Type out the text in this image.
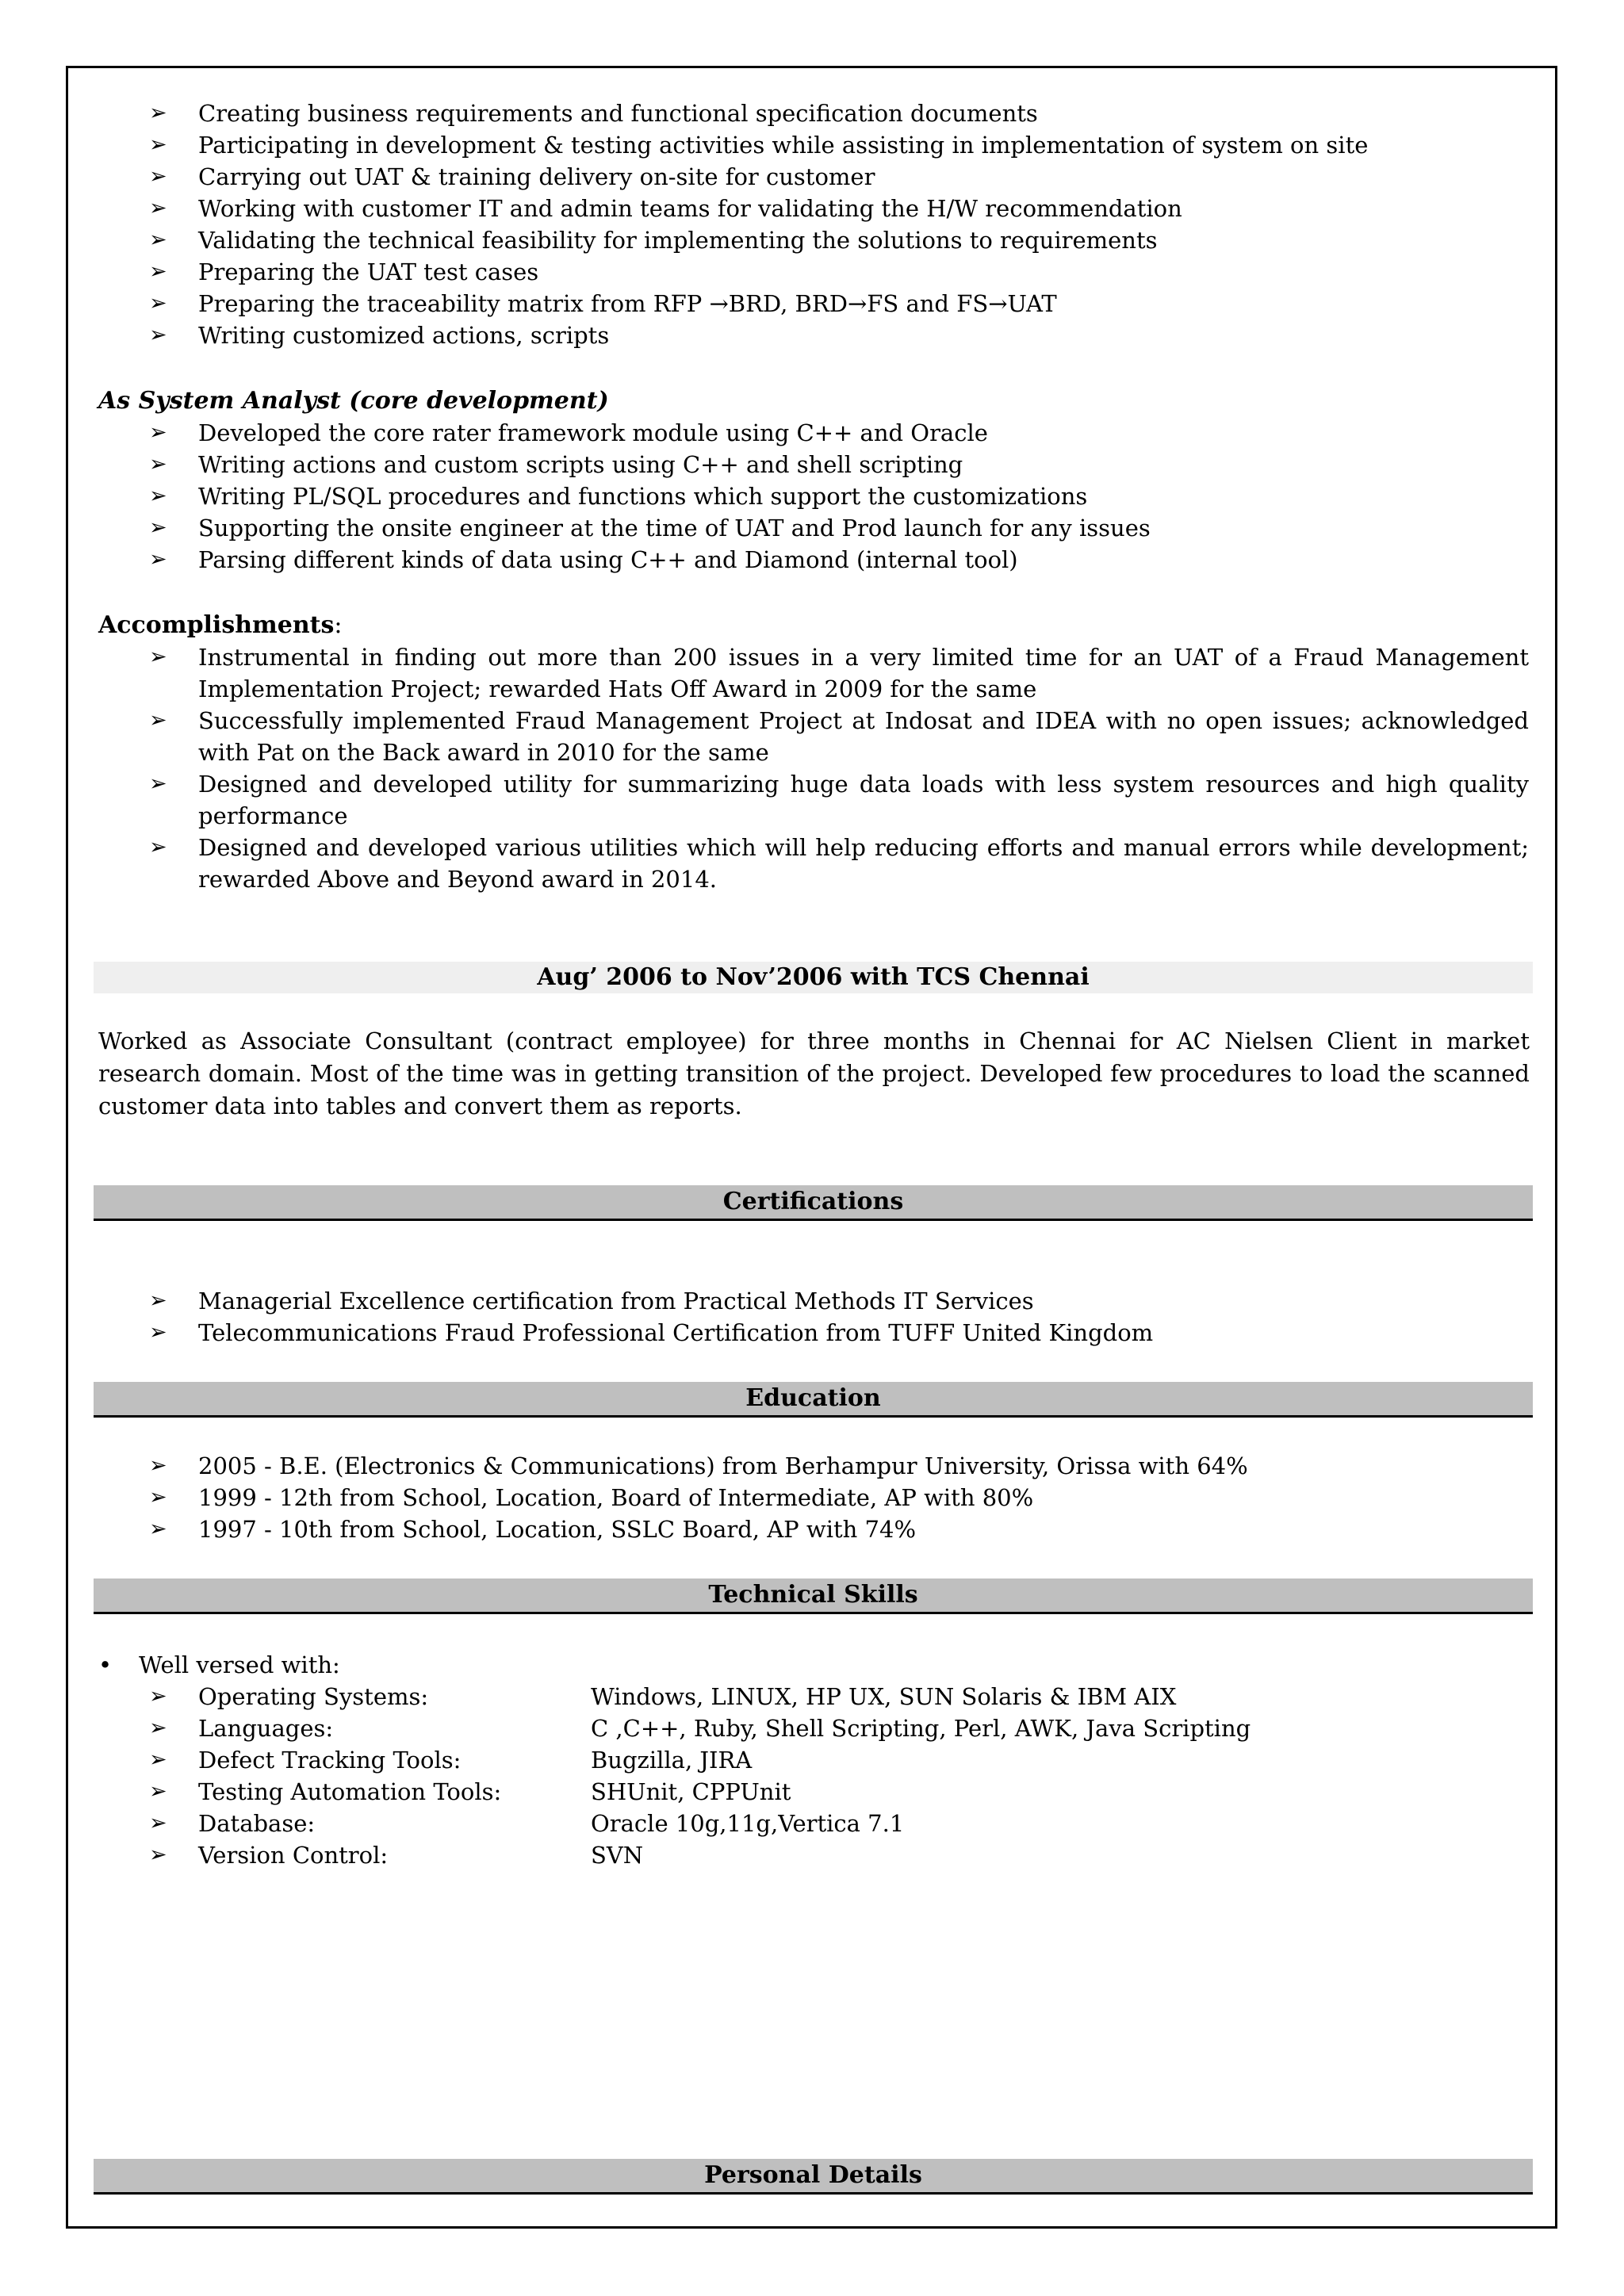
➢ Creating business requirements and functional specification documents
➢ Participating in development & testing activities while assisting in implementation of system on site
➢ Carrying out UAT & training delivery on-site for customer
➢ Working with customer IT and admin teams for validating the H/W recommendation
➢ Validating the technical feasibility for implementing the solutions to requirements
➢ Preparing the UAT test cases
➢ Preparing the traceability matrix from RFP →BRD, BRD→FS and FS→UAT
➢ Writing customized actions, scripts
As System Analyst (core development)
➢ Developed the core rater framework module using C++ and Oracle
➢ Writing actions and custom scripts using C++ and shell scripting
➢ Writing PL/SQL procedures and functions which support the customizations
➢ Supporting the onsite engineer at the time of UAT and Prod launch for any issues
➢ Parsing different kinds of data using C++ and Diamond (internal tool)
Accomplishments:
➢ Instrumental in finding out more than 200 issues in a very limited time for an UAT of a Fraud Management Implementation Project; rewarded Hats Off Award in 2009 for the same
➢ Successfully implemented Fraud Management Project at Indosat and IDEA with no open issues; acknowledged with Pat on the Back award in 2010 for the same
➢ Designed and developed utility for summarizing huge data loads with less system resources and high quality performance
➢ Designed and developed various utilities which will help reducing efforts and manual errors while development; rewarded Above and Beyond award in 2014.
Aug’ 2006 to Nov’2006 with TCS Chennai
Worked as Associate Consultant (contract employee) for three months in Chennai for AC Nielsen Client in market research domain. Most of the time was in getting transition of the project. Developed few procedures to load the scanned customer data into tables and convert them as reports.
Certifications
➢ Managerial Excellence certification from Practical Methods IT Services
➢ Telecommunications Fraud Professional Certification from TUFF United Kingdom
Education
➢ 2005 - B.E. (Electronics & Communications) from Berhampur University, Orissa with 64%
➢ 1999 - 12th from School, Location, Board of Intermediate, AP with 80%
➢ 1997 - 10th from School, Location, SSLC Board, AP with 74%
Technical Skills
• Well versed with:
➢ Operating Systems:	Windows, LINUX, HP UX, SUN Solaris & IBM AIX
➢ Languages:	C ,C++, Ruby, Shell Scripting, Perl, AWK, Java Scripting
➢ Defect Tracking Tools:	Bugzilla, JIRA
➢ Testing Automation Tools:	SHUnit, CPPUnit
➢ Database:	Oracle 10g,11g,Vertica 7.1
➢ Version Control:	SVN
Personal Details
